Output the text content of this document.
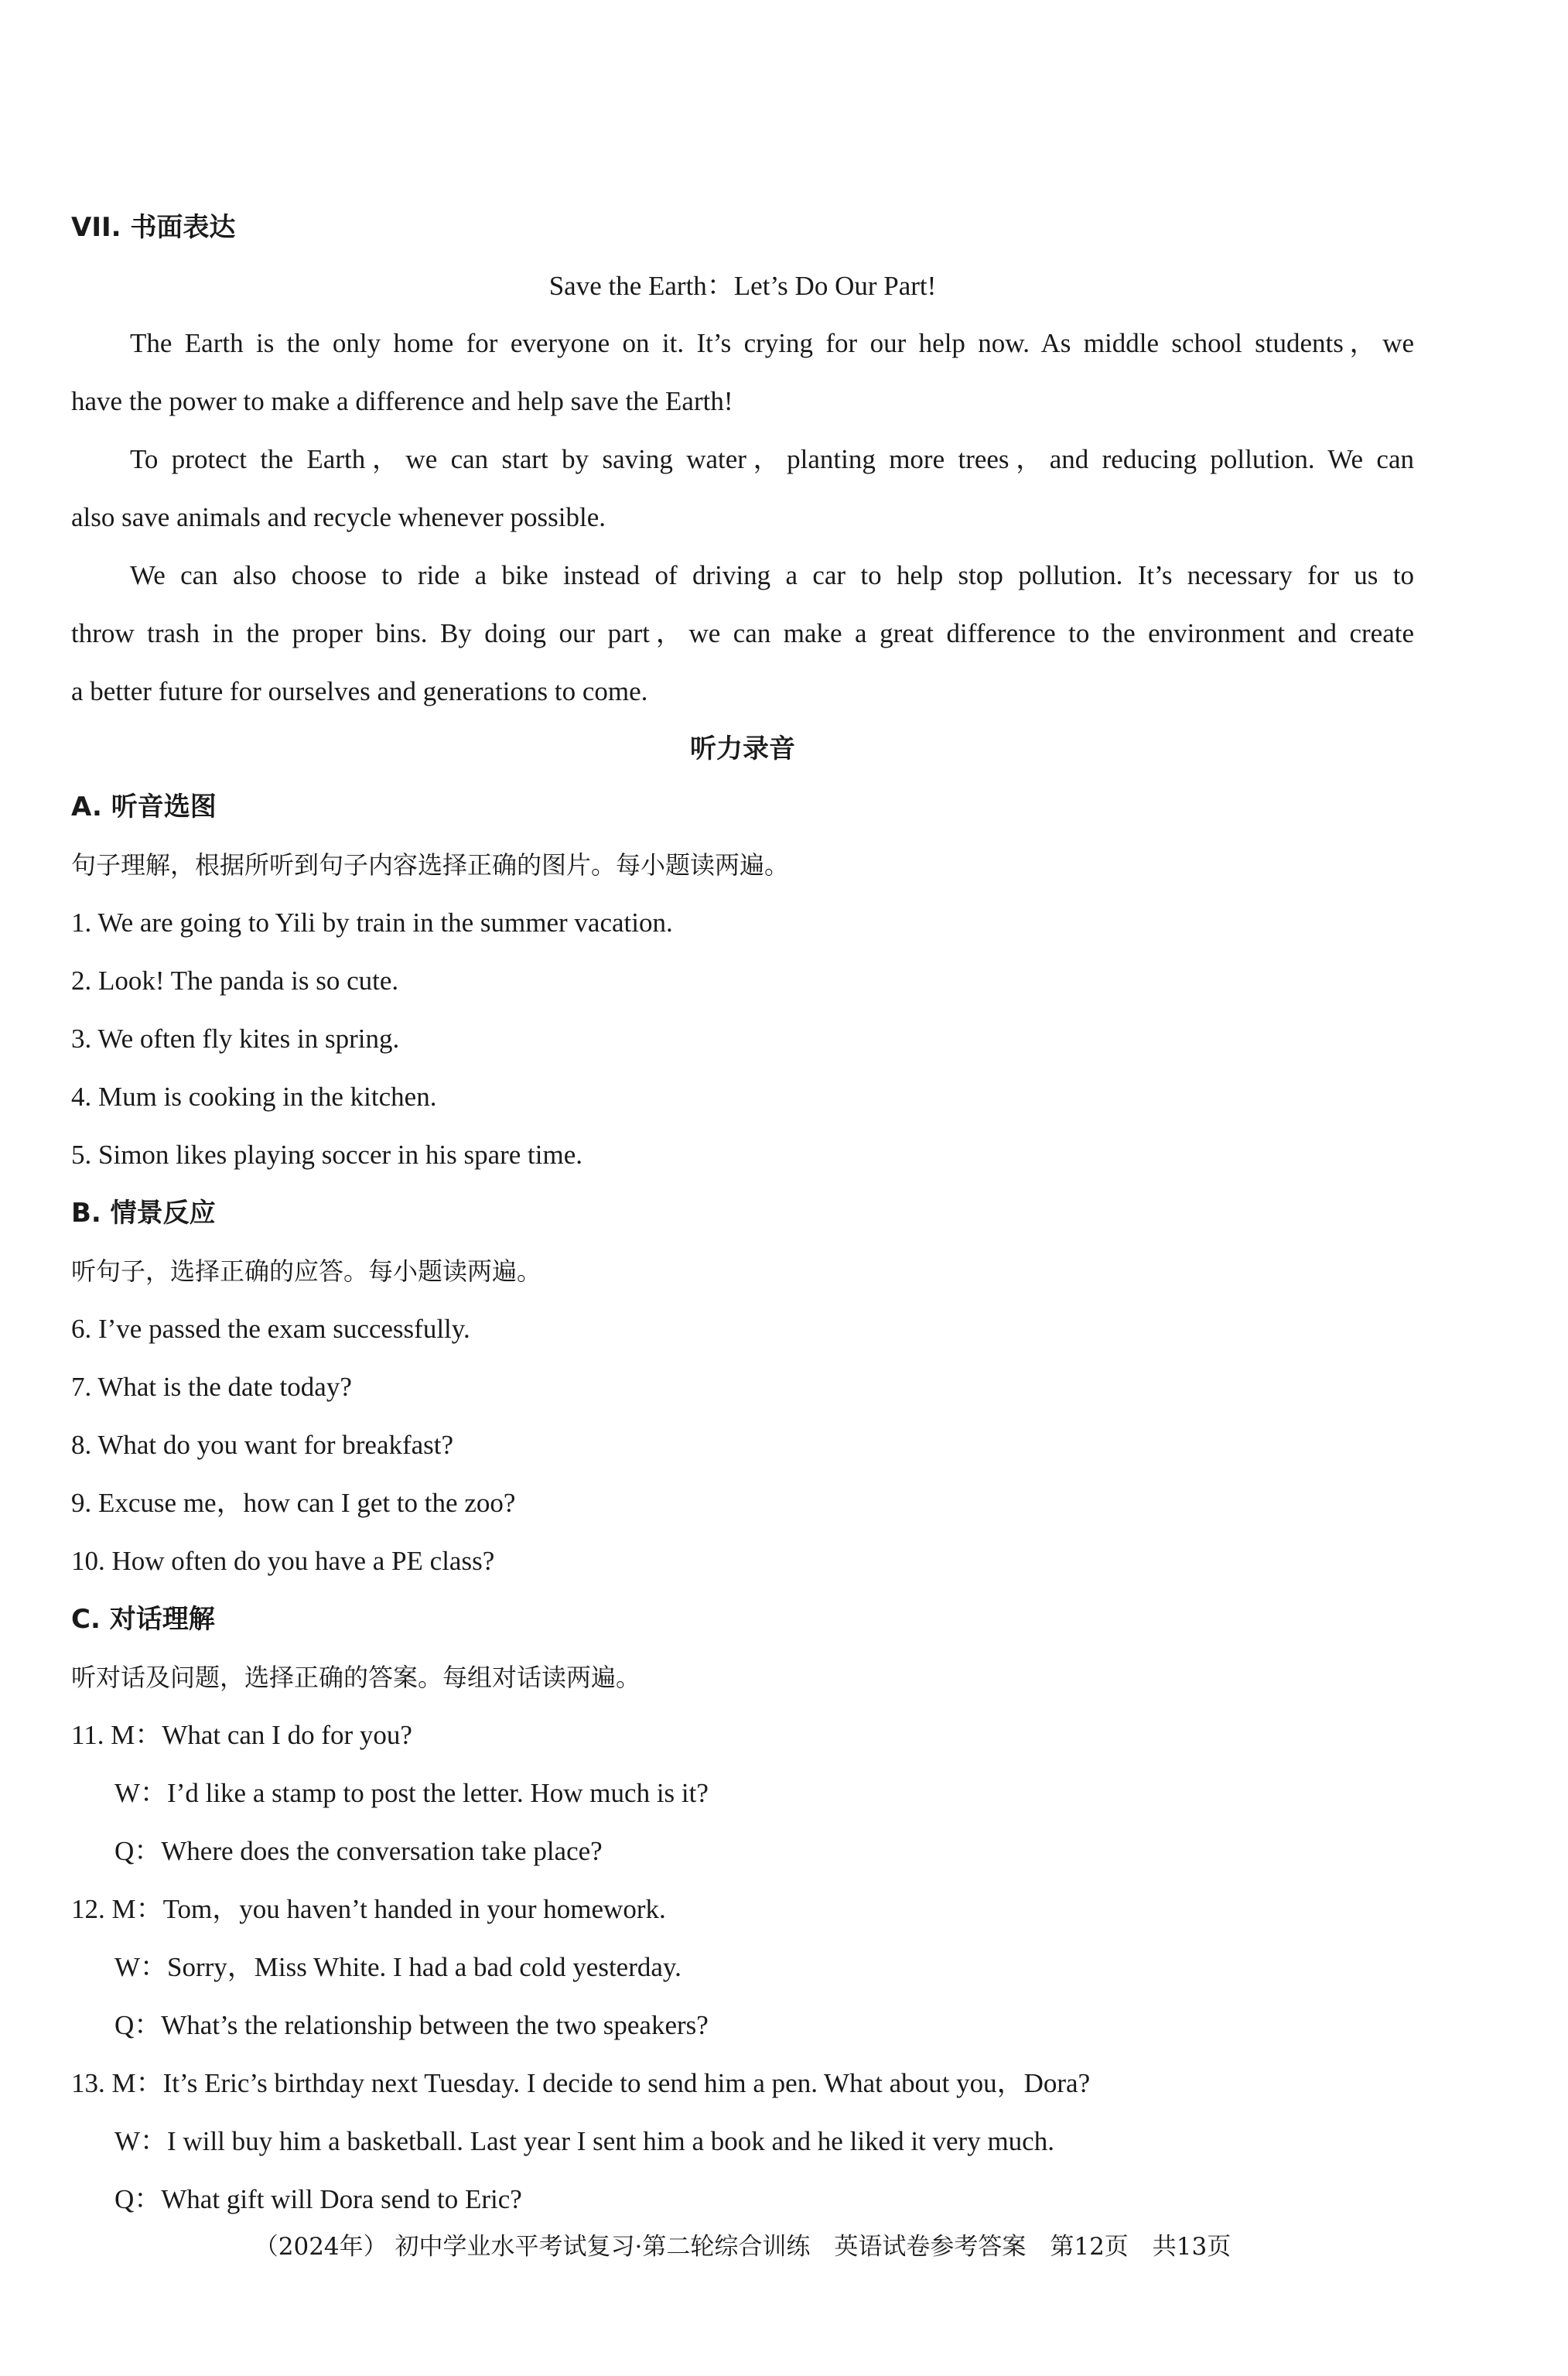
VII. 书面表达
Save the Earth：Let’s Do Our Part!
The Earth is the only home for everyone on it. It’s crying for our help now. As middle school students，we
have the power to make a difference and help save the Earth!
To protect the Earth，we can start by saving water，planting more trees，and reducing pollution. We can
also save animals and recycle whenever possible.
We can also choose to ride a bike instead of driving a car to help stop pollution. It’s necessary for us to
throw trash in the proper bins. By doing our part，we can make a great difference to the environment and create
a better future for ourselves and generations to come.
听力录音
A. 听音选图
句子理解，根据所听到句子内容选择正确的图片。每小题读两遍。
1. We are going to Yili by train in the summer vacation.
2. Look! The panda is so cute.
3. We often fly kites in spring.
4. Mum is cooking in the kitchen.
5. Simon likes playing soccer in his spare time.
B. 情景反应
听句子，选择正确的应答。每小题读两遍。
6. I’ve passed the exam successfully.
7. What is the date today?
8. What do you want for breakfast?
9. Excuse me，how can I get to the zoo?
10. How often do you have a PE class?
C. 对话理解
听对话及问题，选择正确的答案。每组对话读两遍。
11. M：What can I do for you?
W：I’d like a stamp to post the letter. How much is it?
Q：Where does the conversation take place?
12. M：Tom，you haven’t handed in your homework.
W：Sorry，Miss White. I had a bad cold yesterday.
Q：What’s the relationship between the two speakers?
13. M：It’s Eric’s birthday next Tuesday. I decide to send him a pen. What about you，Dora?
W：I will buy him a basketball. Last year I sent him a book and he liked it very much.
Q：What gift will Dora send to Eric?
（2024年） 初中学业水平考试复习·第二轮综合训练　英语试卷参考答案　第12页　共13页
